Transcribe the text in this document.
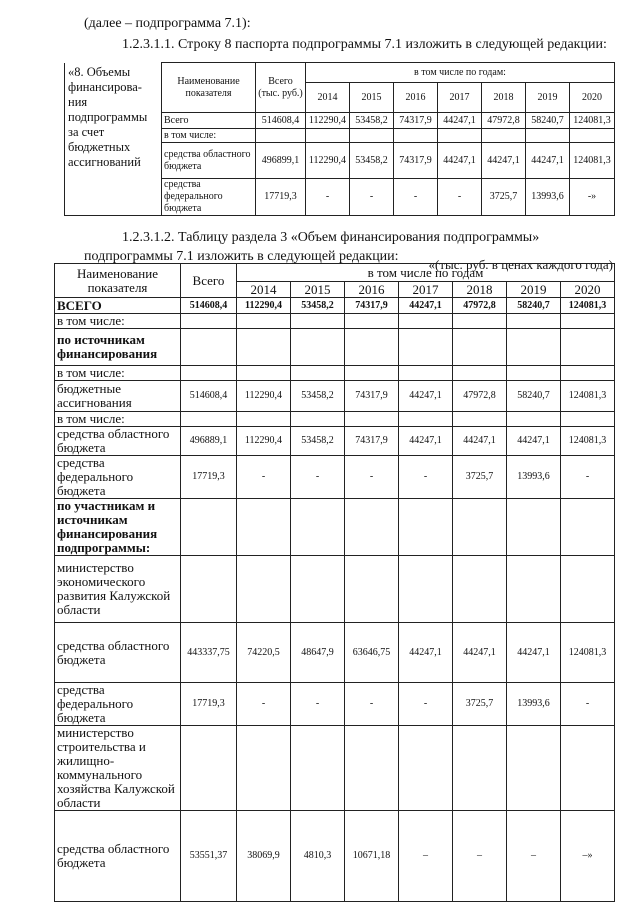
(далее – подпрограмма 7.1):
1.2.3.1.1. Строку 8 паспорта подпрограммы 7.1 изложить в следующей редакции:
«8. Объемы финансирова-ния подпрограммы за счет бюджетных ассигнований	Наименование показателя	Всего (тыс. руб.)	в том числе по годам:						
			2014	2015	2016	2017	2018	2019	2020
	Всего	514608,4	112290,4	53458,2	74317,9	44247,1	47972,8	58240,7	124081,3
	в том числе:								
	средства областного бюджета	496899,1	112290,4	53458,2	74317,9	44247,1	44247,1	44247,1	124081,3
	средства федерального бюджета	17719,3	-	-	-	-	3725,7	13993,6	-»
1.2.3.1.2. Таблицу раздела 3 «Объем финансирования подпрограммы»
подпрограммы 7.1 изложить в следующей редакции:
«(тыс. руб. в ценах каждого года)
Наименование показателя	Всего	в том числе по годам						
		2014	2015	2016	2017	2018	2019	2020
ВСЕГО	514608,4	112290,4	53458,2	74317,9	44247,1	47972,8	58240,7	124081,3
в том числе:								
по источникам финансирования								
в том числе:								
бюджетные ассигнования	514608,4	112290,4	53458,2	74317,9	44247,1	47972,8	58240,7	124081,3
в том числе:								
средства областного бюджета	496889,1	112290,4	53458,2	74317,9	44247,1	44247,1	44247,1	124081,3
средства федерального бюджета	17719,3	-	-	-	-	3725,7	13993,6	-
по участникам и источникам финансирования подпрограммы:								
министерство экономического развития Калужской области								
средства областного бюджета	443337,75	74220,5	48647,9	63646,75	44247,1	44247,1	44247,1	124081,3
средства федерального бюджета	17719,3	-	-	-	-	3725,7	13993,6	-
министерство строительства и жилищно-коммунального хозяйства Калужской области								
средства областного бюджета	53551,37	38069,9	4810,3	10671,18	–	–	–	–»
